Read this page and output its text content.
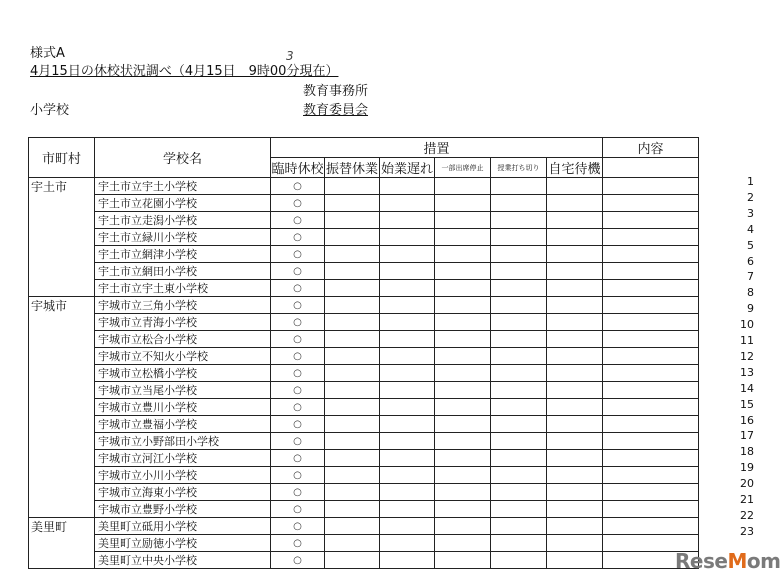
様式A
4月15日の休校状況調べ（4月15日　9時00分現在）
3
教育事務所
小学校	教育委員会
市町村	学校名	措置						内容
		臨時休校	振替休業	始業遅れ	一部出席停止	授業打ち切り	自宅待機	
宇土市	宇土市立宇土小学校	○						
	宇土市立花園小学校	○						
	宇土市立走潟小学校	○						
	宇土市立緑川小学校	○						
	宇土市立網津小学校	○						
	宇土市立網田小学校	○						
	宇土市立宇土東小学校	○						
宇城市	宇城市立三角小学校	○						
	宇城市立青海小学校	○						
	宇城市立松合小学校	○						
	宇城市立不知火小学校	○						
	宇城市立松橋小学校	○						
	宇城市立当尾小学校	○						
	宇城市立豊川小学校	○						
	宇城市立豊福小学校	○						
	宇城市立小野部田小学校	○						
	宇城市立河江小学校	○						
	宇城市立小川小学校	○						
	宇城市立海東小学校	○						
	宇城市立豊野小学校	○						
美里町	美里町立砥用小学校	○						
	美里町立励徳小学校	○						
	美里町立中央小学校	○						
1
2
3
4
5
6
7
8
9
10
11
12
13
14
15
16
17
18
19
20
21
22
23
ReseMom
